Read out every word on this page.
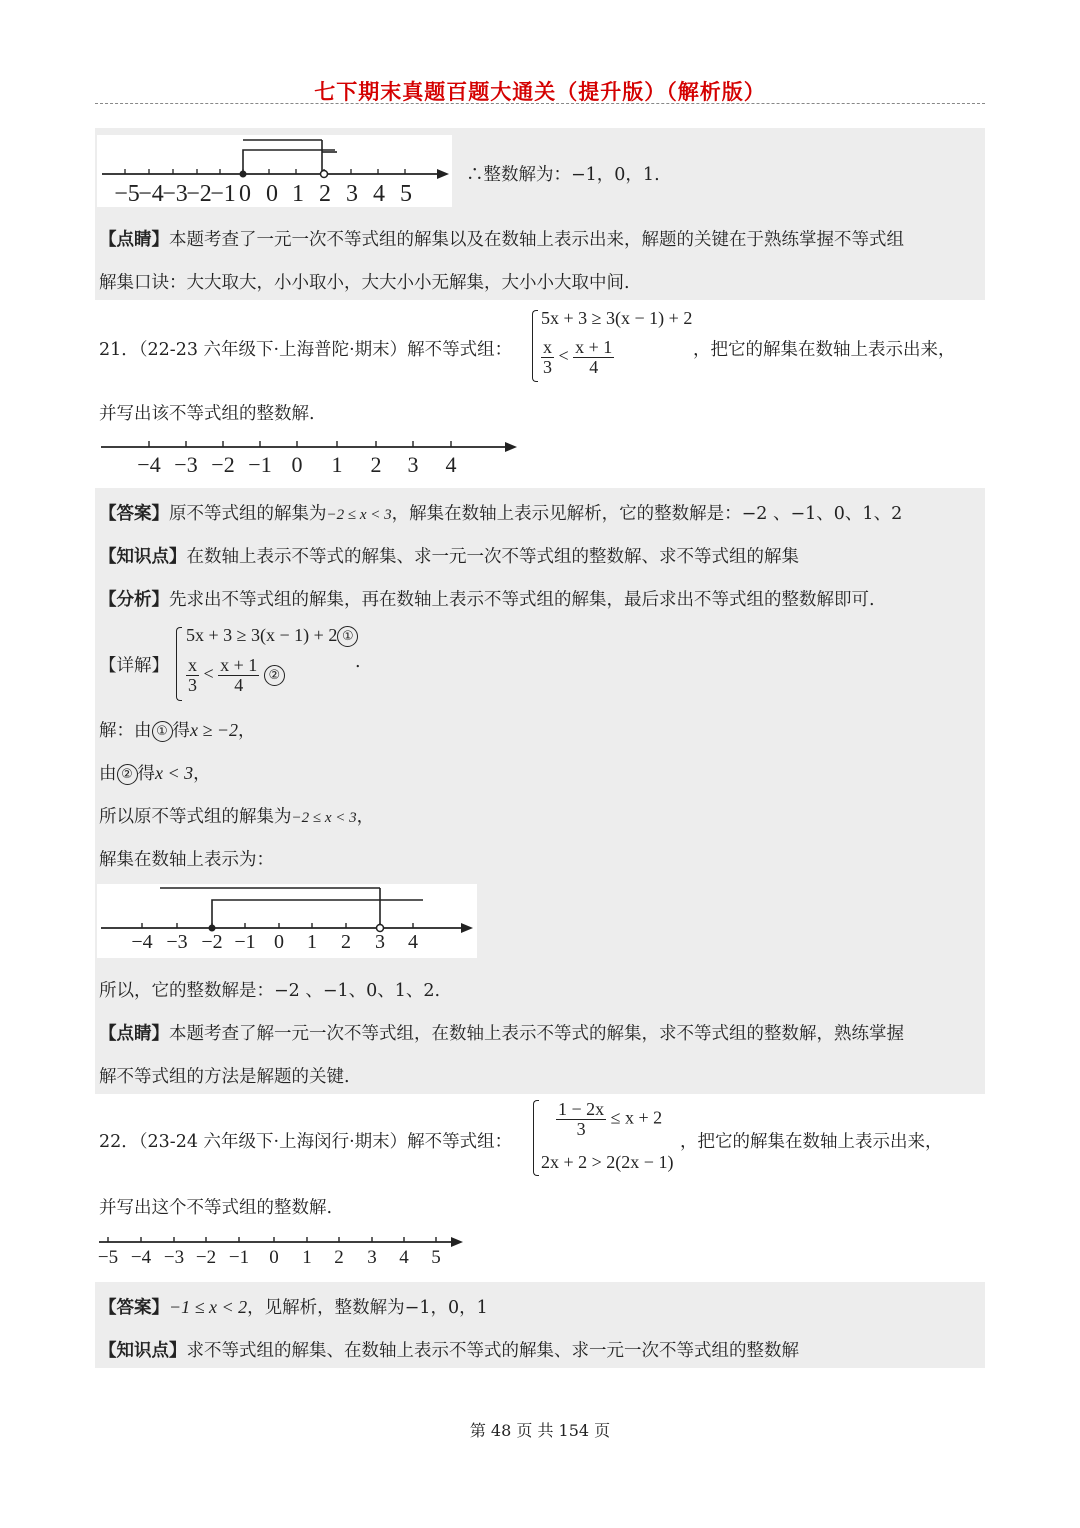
七下期末真题百题大通关（提升版）（解析版）
−5
−4
−3
−2
−1 0 0 1 2 3 4 5
∴整数解为：−1，0，1.
【点睛】本题考查了一元一次不等式组的解集以及在数轴上表示出来，解题的关键在于熟练掌握不等式组
解集口诀：大大取大，小小取小，大大小小无解集，大小小大取中间.
21．（22-23 六年级下·上海普陀·期末）解不等式组：
5x + 3 ≥ 3(x − 1) + 2
$\frac{x}{3} < \frac{x + 1}{4}$	，把它的解集在数轴上表示出来，
并写出该不等式组的整数解.
−4 −3 −2 −1 0 1 2 3 4
【答案】原不等式组的解集为−2 ≤ x < 3，解集在数轴上表示见解析，它的整数解是：−2 、−1、0、1、2
【知识点】在数轴上表示不等式的解集、求一元一次不等式组的整数解、求不等式组的解集
【分析】先求出不等式组的解集，再在数轴上表示不等式组的解集，最后求出不等式组的整数解即可.
【详解】
5x + 3 ≥ 3(x − 1) + 2 ①
$\frac{x}{3} < \frac{x + 1}{4}$ ②
.
解：由 ① 得x ≥ −2，
由 ② 得x < 3，
所以原不等式组的解集为−2 ≤ x < 3，
解集在数轴上表示为：
−4 −3 −2 −1 0 1 2 3 4
所以，它的整数解是：−2 、−1、0、1、2.
【点睛】本题考查了解一元一次不等式组，在数轴上表示不等式的解集，求不等式组的整数解，熟练掌握
解不等式组的方法是解题的关键.
22．（23-24 六年级下·上海闵行·期末）解不等式组：
$\frac{1 - 2x}{3} \le x + 2$
2x + 2 > 2(2x − 1)
，把它的解集在数轴上表示出来，
并写出这个不等式组的整数解.
−5 −4 −3 −2 −1 0 1 2 3 4 5
【答案】−1 ≤ x < 2，见解析，整数解为−1，0，1
【知识点】求不等式组的解集、在数轴上表示不等式的解集、求一元一次不等式组的整数解
第 48 页 共 154 页
